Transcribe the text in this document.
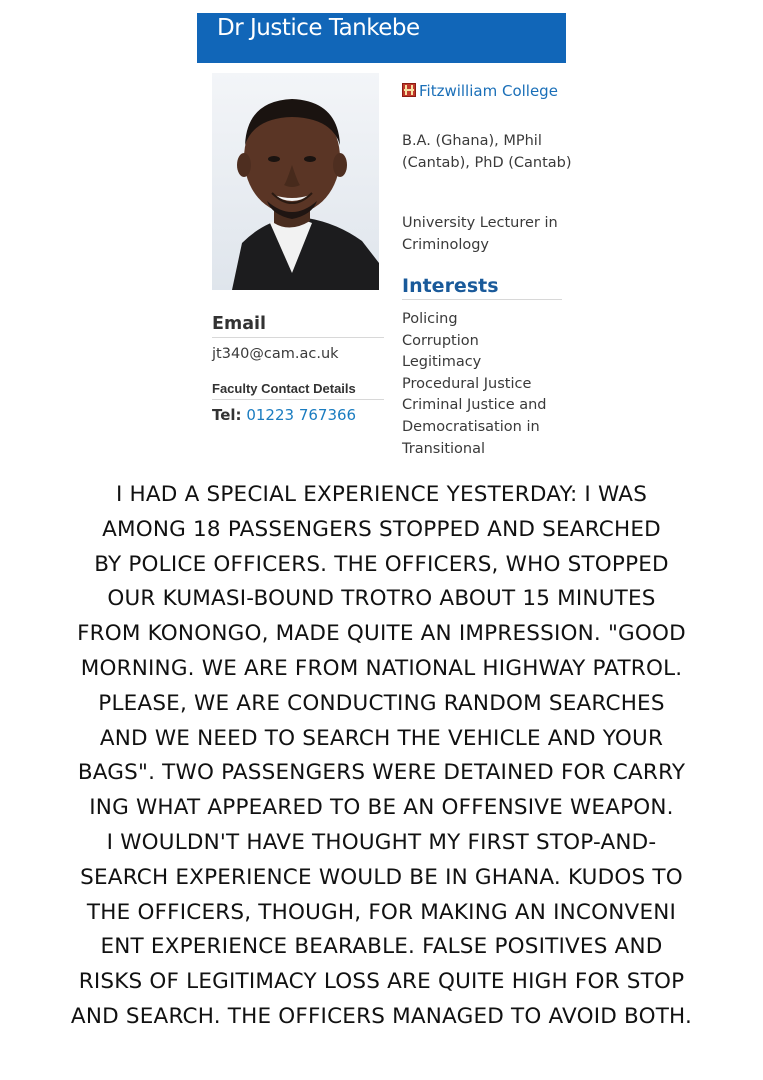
Dr Justice Tankebe
Fitzwilliam College
B.A. (Ghana), MPhil (Cantab), PhD (Cantab)
University Lecturer in Criminology
Interests
Policing
Corruption
Legitimacy
Procedural Justice
Criminal Justice and
Democratisation in
Transitional
Email
jt340@cam.ac.uk
Faculty Contact Details
Tel: 01223 767366
I HAD A SPECIAL EXPERIENCE YESTERDAY: I WAS
AMONG 18 PASSENGERS STOPPED AND SEARCHED
BY POLICE OFFICERS. THE OFFICERS, WHO STOPPED
OUR KUMASI-BOUND TROTRO ABOUT 15 MINUTES
FROM KONONGO, MADE QUITE AN IMPRESSION. "GOOD
MORNING. WE ARE FROM NATIONAL HIGHWAY PATROL.
PLEASE, WE ARE CONDUCTING RANDOM SEARCHES
AND WE NEED TO SEARCH THE VEHICLE AND YOUR
BAGS". TWO PASSENGERS WERE DETAINED FOR CARRY
ING WHAT APPEARED TO BE AN OFFENSIVE WEAPON.
I WOULDN'T HAVE THOUGHT MY FIRST STOP-AND-
SEARCH EXPERIENCE WOULD BE IN GHANA. KUDOS TO
THE OFFICERS, THOUGH, FOR MAKING AN INCONVENI
ENT EXPERIENCE BEARABLE. FALSE POSITIVES AND
RISKS OF LEGITIMACY LOSS ARE QUITE HIGH FOR STOP
AND SEARCH. THE OFFICERS MANAGED TO AVOID BOTH.
